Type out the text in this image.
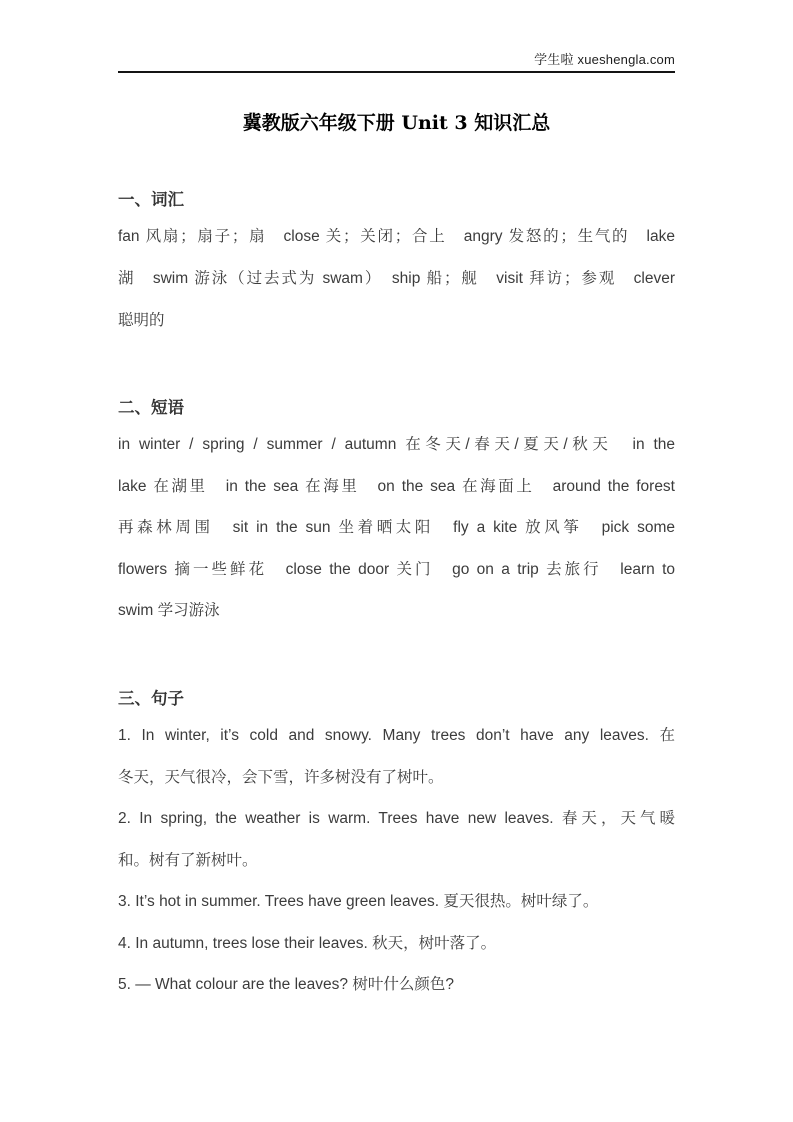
学生啦 xueshengla.com
冀教版六年级下册 Unit 3 知识汇总
一、词汇
fan 风扇；扇子；扇　close 关；关闭；合上　angry 发怒的；生气的　lake
湖　swim 游泳（过去式为 swam）　ship 船；舰　visit 拜访；参观　clever
聪明的
二、短语
in winter / spring / summer / autumn 在冬天/春天/夏天/秋天　in the
lake 在湖里　in the sea 在海里　on the sea 在海面上　around the forest
再森林周围　sit in the sun 坐着晒太阳　fly a kite 放风筝　pick some
flowers 摘一些鲜花　close the door 关门　go on a trip 去旅行　learn to
swim 学习游泳
三、句子
1. In winter, it’s cold and snowy. Many trees don’t have any leaves. 在
冬天，天气很冷，会下雪，许多树没有了树叶。
2. In spring, the weather is warm. Trees have new leaves. 春天，天气暖
和。树有了新树叶。
3. It’s hot in summer. Trees have green leaves. 夏天很热。树叶绿了。
4. In autumn, trees lose their leaves. 秋天，树叶落了。
5. — What colour are the leaves? 树叶什么颜色?
